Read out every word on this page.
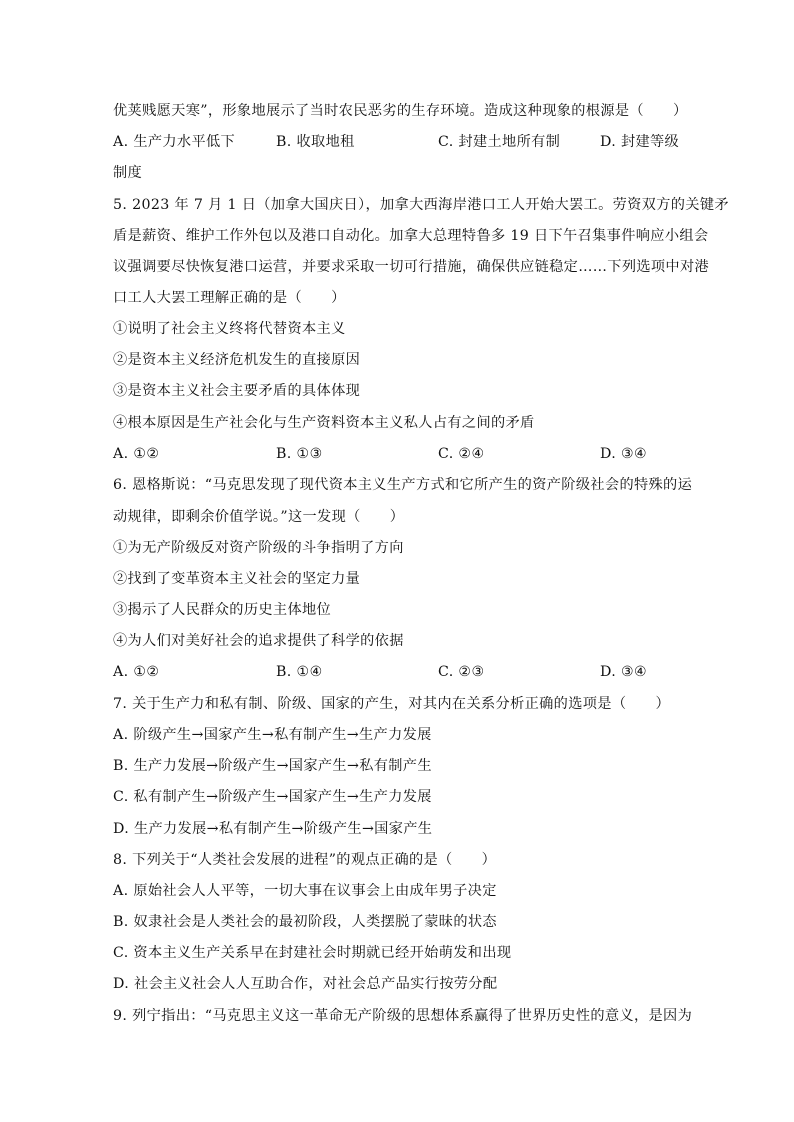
优荚贱愿天寒”，形象地展示了当时农民恶劣的生存环境。造成这种现象的根源是（　　）
A. 生产力水平低下	B. 收取地租	C. 封建土地所有制	D. 封建等级
制度
5. 2023 年 7 月 1 日（加拿大国庆日），加拿大西海岸港口工人开始大罢工。劳资双方的关键矛
盾是薪资、维护工作外包以及港口自动化。加拿大总理特鲁多 19 日下午召集事件响应小组会
议强调要尽快恢复港口运营，并要求采取一切可行措施，确保供应链稳定……下列选项中对港
口工人大罢工理解正确的是（　　）
①说明了社会主义终将代替资本主义
②是资本主义经济危机发生的直接原因
③是资本主义社会主要矛盾的具体体现
④根本原因是生产社会化与生产资料资本主义私人占有之间的矛盾
A. ①②	B. ①③	C. ②④	D. ③④
6. 恩格斯说：“马克思发现了现代资本主义生产方式和它所产生的资产阶级社会的特殊的运
动规律，即剩余价值学说。”这一发现（　　）
①为无产阶级反对资产阶级的斗争指明了方向
②找到了变革资本主义社会的坚定力量
③揭示了人民群众的历史主体地位
④为人们对美好社会的追求提供了科学的依据
A. ①②	B. ①④	C. ②③	D. ③④
7. 关于生产力和私有制、阶级、国家的产生，对其内在关系分析正确的选项是（　　）
A. 阶级产生→国家产生→私有制产生→生产力发展
B. 生产力发展→阶级产生→国家产生→私有制产生
C. 私有制产生→阶级产生→国家产生→生产力发展
D. 生产力发展→私有制产生→阶级产生→国家产生
8. 下列关于“人类社会发展的进程”的观点正确的是（　　）
A. 原始社会人人平等，一切大事在议事会上由成年男子决定
B. 奴隶社会是人类社会的最初阶段，人类摆脱了蒙昧的状态
C. 资本主义生产关系早在封建社会时期就已经开始萌发和出现
D. 社会主义社会人人互助合作，对社会总产品实行按劳分配
9. 列宁指出：“马克思主义这一革命无产阶级的思想体系赢得了世界历史性的意义，是因为
